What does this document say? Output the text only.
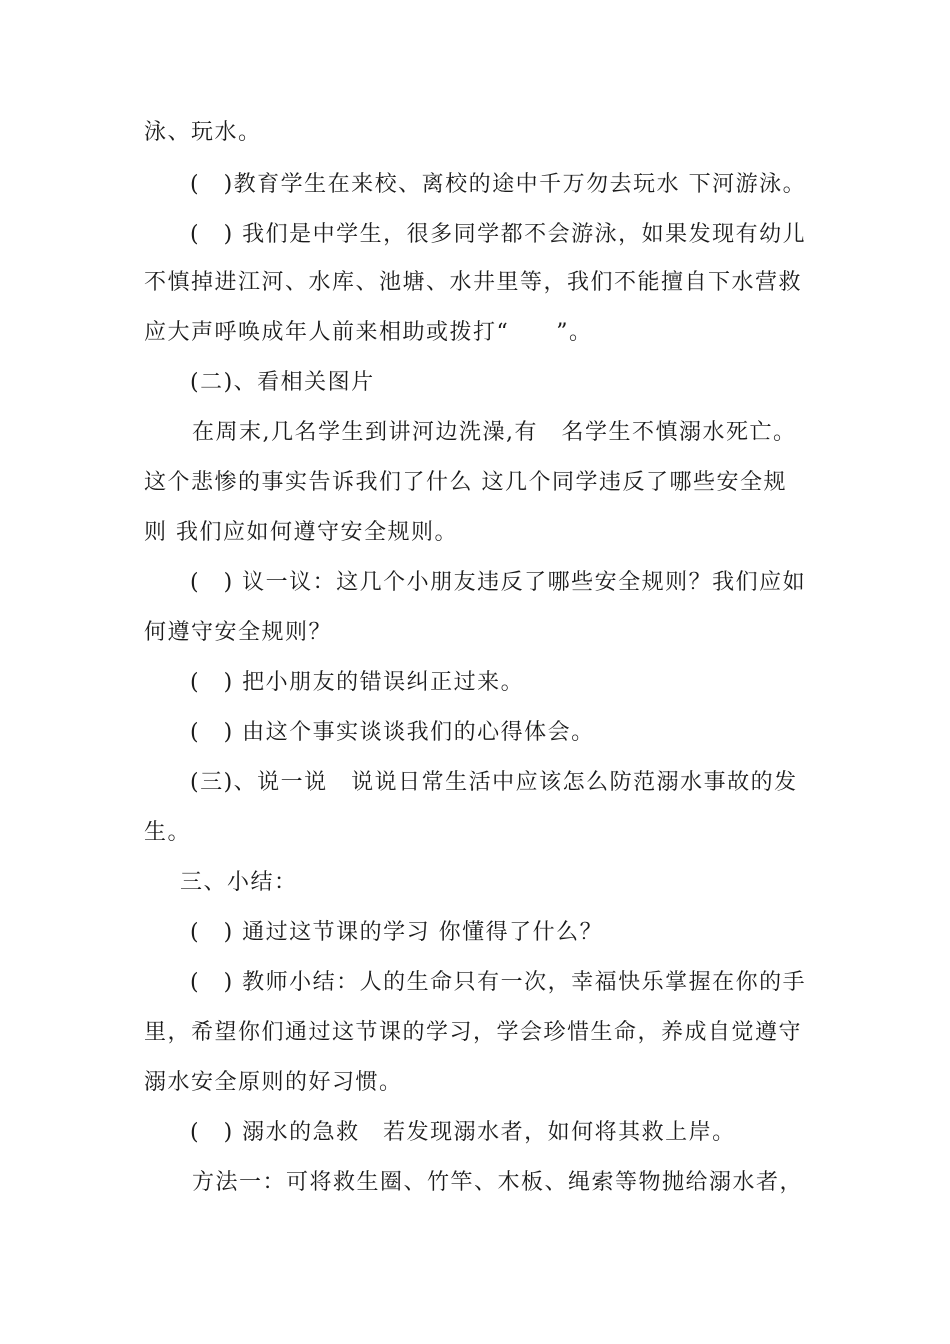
泳、玩水。
(　)教育学生在来校、离校的途中千万勿去玩水 下河游泳。
(　) 我们是中学生，很多同学都不会游泳，如果发现有幼儿
不慎掉进江河、水库、池塘、水井里等，我们不能擅自下水营救
应大声呼唤成年人前来相助或拨打“　　”。
(二)、看相关图片
在周末,几名学生到讲河边洗澡,有　名学生不慎溺水死亡。
这个悲惨的事实告诉我们了什么 这几个同学违反了哪些安全规
则 我们应如何遵守安全规则。
(　) 议一议：这几个小朋友违反了哪些安全规则？我们应如
何遵守安全规则？
(　) 把小朋友的错误纠正过来。
(　) 由这个事实谈谈我们的心得体会。
(三)、说一说　说说日常生活中应该怎么防范溺水事故的发
生。
三、小结：
(　) 通过这节课的学习 你懂得了什么？
(　) 教师小结：人的生命只有一次，幸福快乐掌握在你的手
里，希望你们通过这节课的学习，学会珍惜生命，养成自觉遵守
溺水安全原则的好习惯。
(　) 溺水的急救　若发现溺水者，如何将其救上岸。
方法一：可将救生圈、竹竿、木板、绳索等物抛给溺水者，
